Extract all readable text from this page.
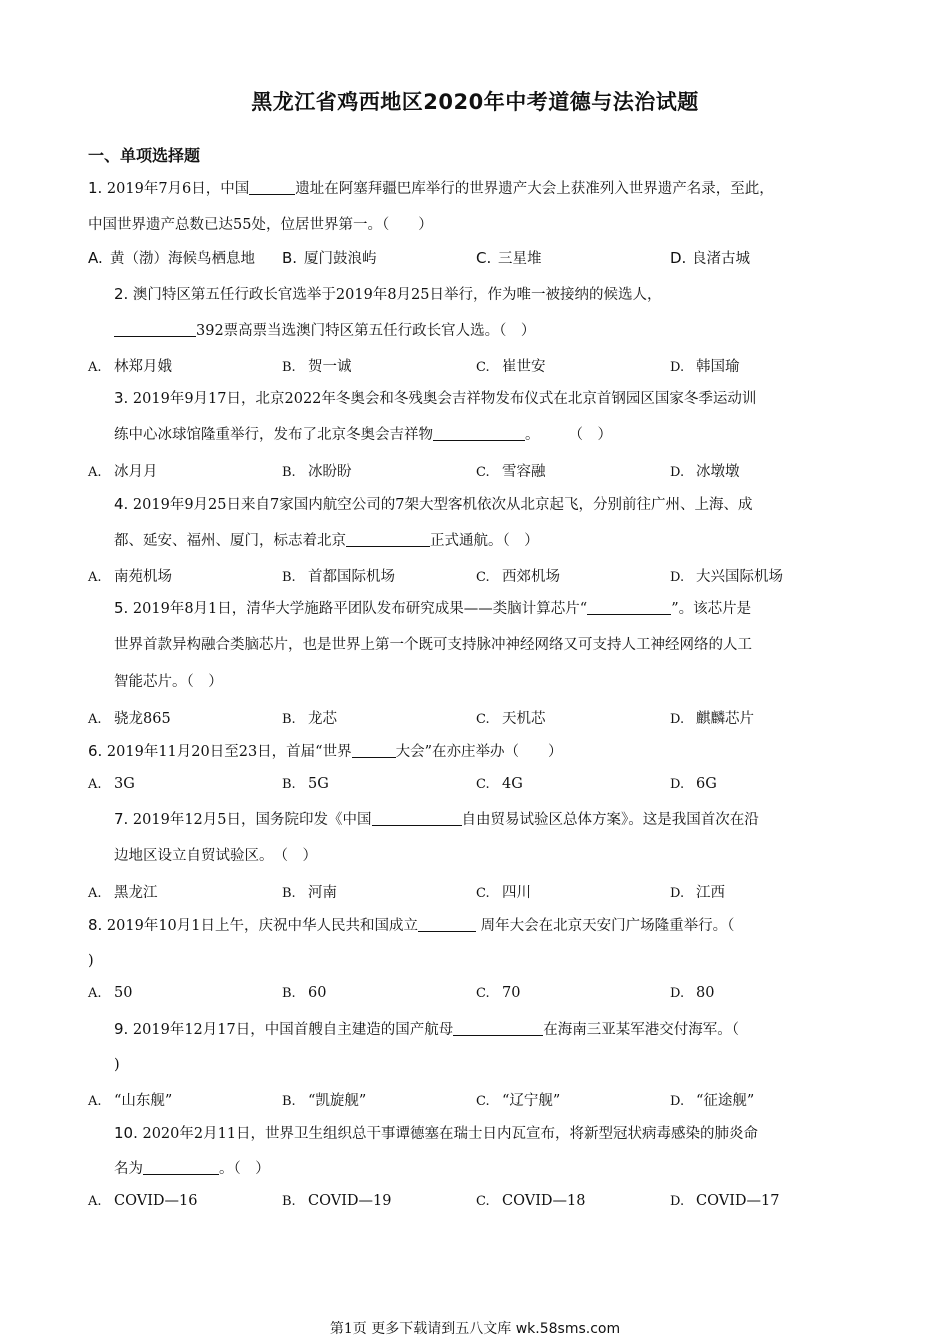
黑龙江省鸡西地区2020年中考道德与法治试题
一、单项选择题
1. 2019年7月6日，中国	遗址在阿塞拜疆巴库举行的世界遗产大会上获准列入世界遗产名录，至此，
中国世界遗产总数已达55处，位居世界第一。（　　）
A. 黄（渤）海候鸟栖息地 B. 厦门鼓浪屿	C. 三星堆	D. 良渚古城
2. 澳门特区第五任行政长官选举于2019年8月25日举行，作为唯一被接纳的候选人，
392票高票当选澳门特区第五任行政长官人选。（　）
A. 林郑月娥	B. 贺一诚	C. 崔世安	D. 韩国瑜
3. 2019年9月17日，北京2022年冬奥会和冬残奥会吉祥物发布仪式在北京首钢园区国家冬季运动训
练中心冰球馆隆重举行，发布了北京冬奥会吉祥物	。　　　（　）
A. 冰月月	B. 冰盼盼	C. 雪容融	D. 冰墩墩
4. 2019年9月25日来自7家国内航空公司的7架大型客机依次从北京起飞，分别前往广州、上海、成
都、延安、福州、厦门，标志着北京	正式通航。（　）
A. 南苑机场	B. 首都国际机场	C. 西郊机场	D. 大兴国际机场
5. 2019年8月1日，清华大学施路平团队发布研究成果——类脑计算芯片“	”。该芯片是
世界首款异构融合类脑芯片，也是世界上第一个既可支持脉冲神经网络又可支持人工神经网络的人工
智能芯片。（　）
A. 骁龙865	B. 龙芯	C. 天机芯	D. 麒麟芯片
6. 2019年11月20日至23日，首届“世界	大会”在亦庄举办（　　）
A. 3G	B. 5G	C. 4G	D. 6G
7. 2019年12月5日，国务院印发《中国	自由贸易试验区总体方案》。这是我国首次在沿
边地区设立自贸试验区。　（　）
A. 黑龙江	B. 河南	C. 四川	D. 江西
8. 2019年10月1日上午，庆祝中华人民共和国成立	周年大会在北京天安门广场隆重举行。（
)
A. 50	B. 60	C. 70	D. 80
9. 2019年12月17日，中国首艘自主建造的国产航母	在海南三亚某军港交付海军。（
)
A. “山东舰”	B. “凯旋舰”	C. “辽宁舰”	D. “征途舰”
10. 2020年2月11日，世界卫生组织总干事谭德塞在瑞士日内瓦宣布，将新型冠状病毒感染的肺炎命
名为	。（　）
A. COVID—16	B. COVID—19	C. COVID—18	D. COVID—17
第1页 更多下载请到五八文库 wk.58sms.com
